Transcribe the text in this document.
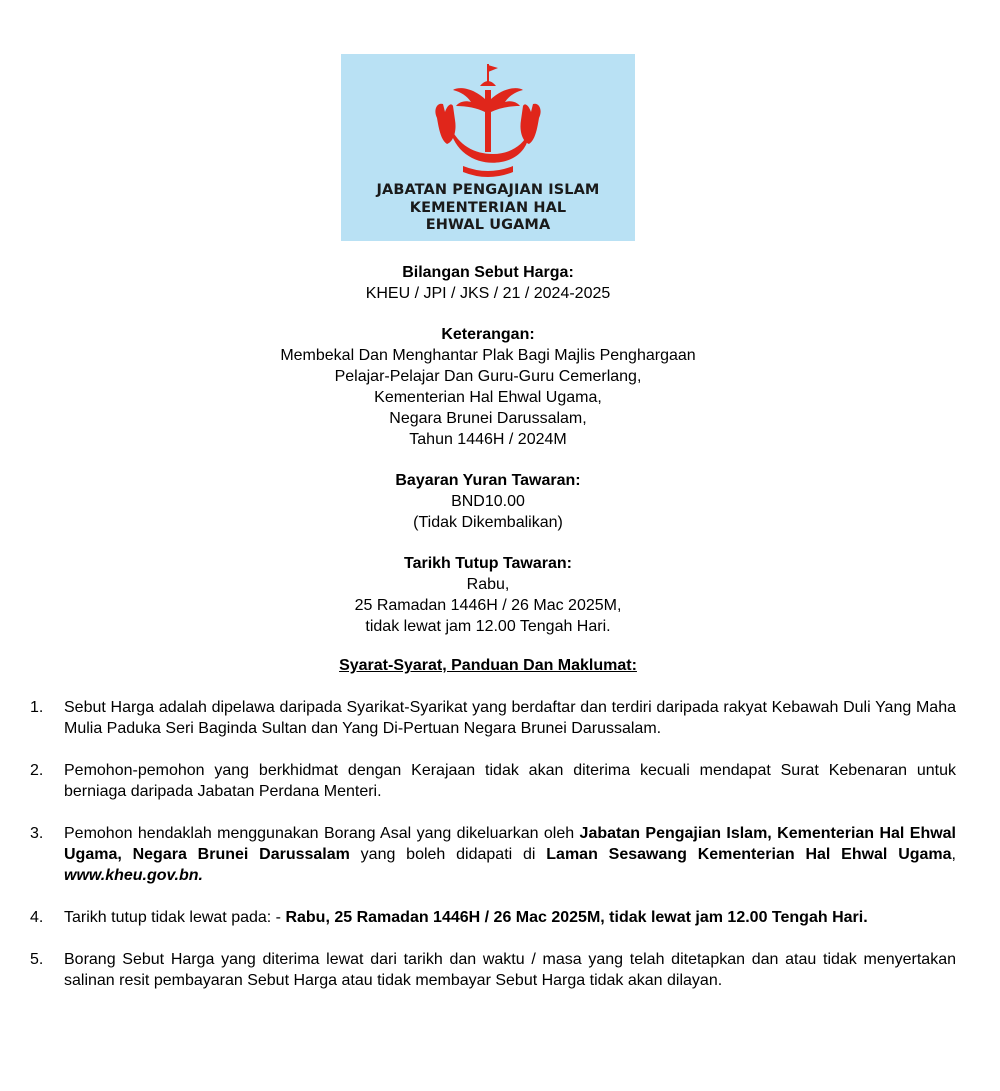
JABATAN PENGAJIAN ISLAM
KEMENTERIAN HAL
EHWAL UGAMA
Bilangan Sebut Harga:
KHEU / JPI / JKS / 21 / 2024-2025
Keterangan:
Membekal Dan Menghantar Plak Bagi Majlis Penghargaan
Pelajar-Pelajar Dan Guru-Guru Cemerlang,
Kementerian Hal Ehwal Ugama,
Negara Brunei Darussalam,
Tahun 1446H / 2024M
Bayaran Yuran Tawaran:
BND10.00
(Tidak Dikembalikan)
Tarikh Tutup Tawaran:
Rabu,
25 Ramadan 1446H / 26 Mac 2025M,
tidak lewat jam 12.00 Tengah Hari.
Syarat-Syarat, Panduan Dan Maklumat:
1. Sebut Harga adalah dipelawa daripada Syarikat-Syarikat yang berdaftar dan terdiri daripada rakyat Kebawah Duli Yang Maha Mulia Paduka Seri Baginda Sultan dan Yang Di-Pertuan Negara Brunei Darussalam.
2. Pemohon-pemohon yang berkhidmat dengan Kerajaan tidak akan diterima kecuali mendapat Surat Kebenaran untuk berniaga daripada Jabatan Perdana Menteri.
3. Pemohon hendaklah menggunakan Borang Asal yang dikeluarkan oleh Jabatan Pengajian Islam, Kementerian Hal Ehwal Ugama, Negara Brunei Darussalam yang boleh didapati di Laman Sesawang Kementerian Hal Ehwal Ugama, www.kheu.gov.bn.
4. Tarikh tutup tidak lewat pada: - Rabu, 25 Ramadan 1446H / 26 Mac 2025M, tidak lewat jam 12.00 Tengah Hari.
5. Borang Sebut Harga yang diterima lewat dari tarikh dan waktu / masa yang telah ditetapkan dan atau tidak menyertakan salinan resit pembayaran Sebut Harga atau tidak membayar Sebut Harga tidak akan dilayan.
